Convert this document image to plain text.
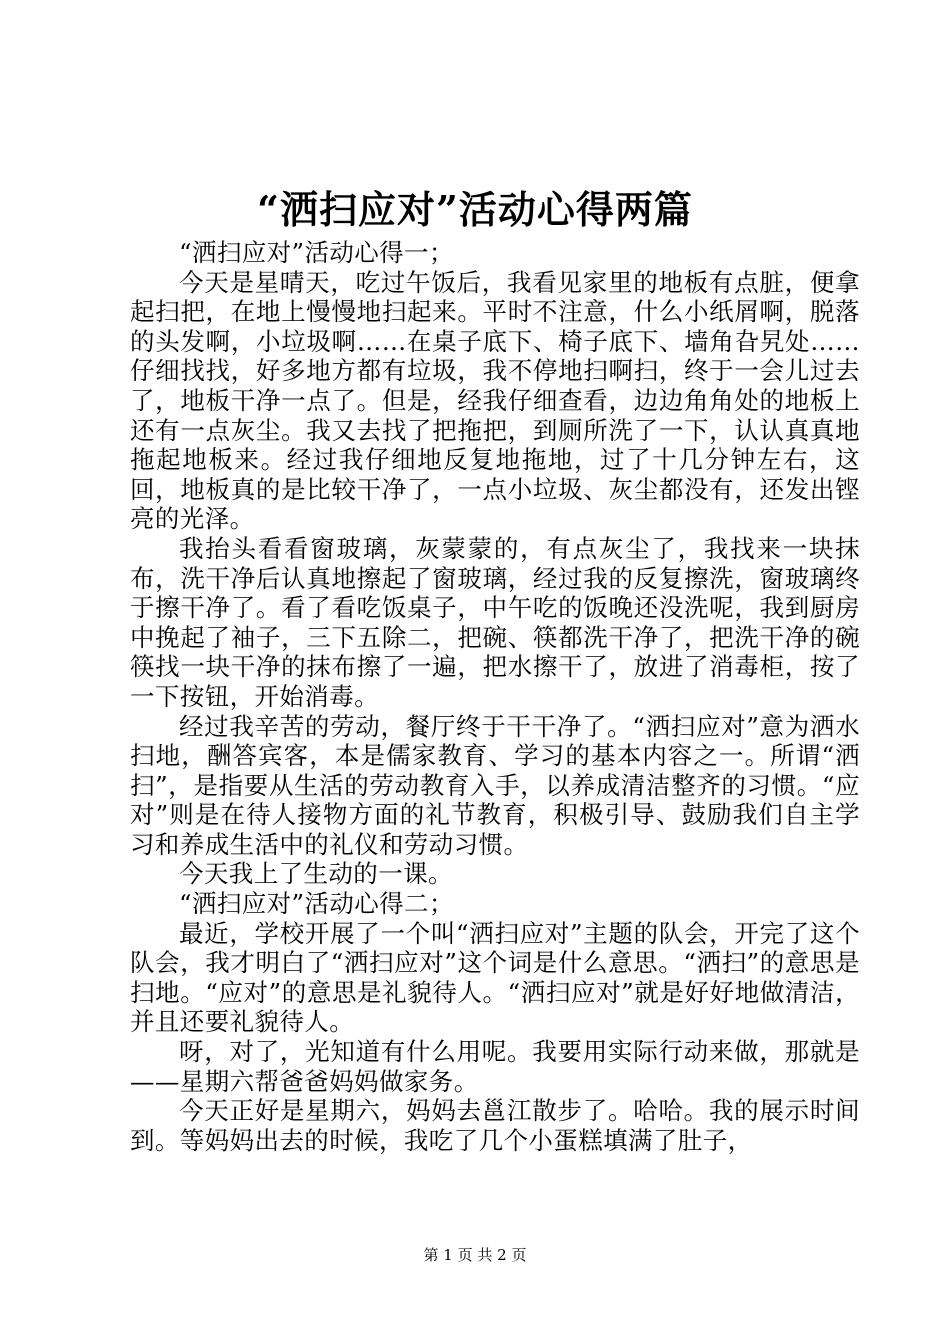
“洒扫应对”活动心得两篇

“洒扫应对”活动心得一；

今天是星晴天，吃过午饭后，我看见家里的地板有点脏，便拿起扫把，在地上慢慢地扫起来。平时不注意，什么小纸屑啊，脱落的头发啊，小垃圾啊……在桌子底下、椅子底下、墙角旮旯处……仔细找找，好多地方都有垃圾，我不停地扫啊扫，终于一会儿过去了，地板干净一点了。但是，经我仔细查看，边边角角处的地板上还有一点灰尘。我又去找了把拖把，到厕所洗了一下，认认真真地拖起地板来。经过我仔细地反复地拖地，过了十几分钟左右，这回，地板真的是比较干净了，一点小垃圾、灰尘都没有，还发出铿亮的光泽。

我抬头看看窗玻璃，灰蒙蒙的，有点灰尘了，我找来一块抹布，洗干净后认真地擦起了窗玻璃，经过我的反复擦洗，窗玻璃终于擦干净了。看了看吃饭桌子，中午吃的饭晚还没洗呢，我到厨房中挽起了袖子，三下五除二，把碗、筷都洗干净了，把洗干净的碗筷找一块干净的抹布擦了一遍，把水擦干了，放进了消毒柜，按了一下按钮，开始消毒。

经过我辛苦的劳动，餐厅终于干干净了。“洒扫应对”意为洒水扫地，酬答宾客，本是儒家教育、学习的基本内容之一。所谓“洒扫”，是指要从生活的劳动教育入手，以养成清洁整齐的习惯。“应对”则是在待人接物方面的礼节教育，积极引导、鼓励我们自主学习和养成生活中的礼仪和劳动习惯。

今天我上了生动的一课。

“洒扫应对”活动心得二；

最近，学校开展了一个叫“洒扫应对”主题的队会，开完了这个队会，我才明白了“洒扫应对”这个词是什么意思。“洒扫”的意思是扫地。“应对”的意思是礼貌待人。“洒扫应对”就是好好地做清洁，并且还要礼貌待人。

呀，对了，光知道有什么用呢。我要用实际行动来做，那就是——星期六帮爸爸妈妈做家务。

今天正好是星期六，妈妈去邕江散步了。哈哈。我的展示时间到。等妈妈出去的时候，我吃了几个小蛋糕填满了肚子，

第 1 页 共 2 页
